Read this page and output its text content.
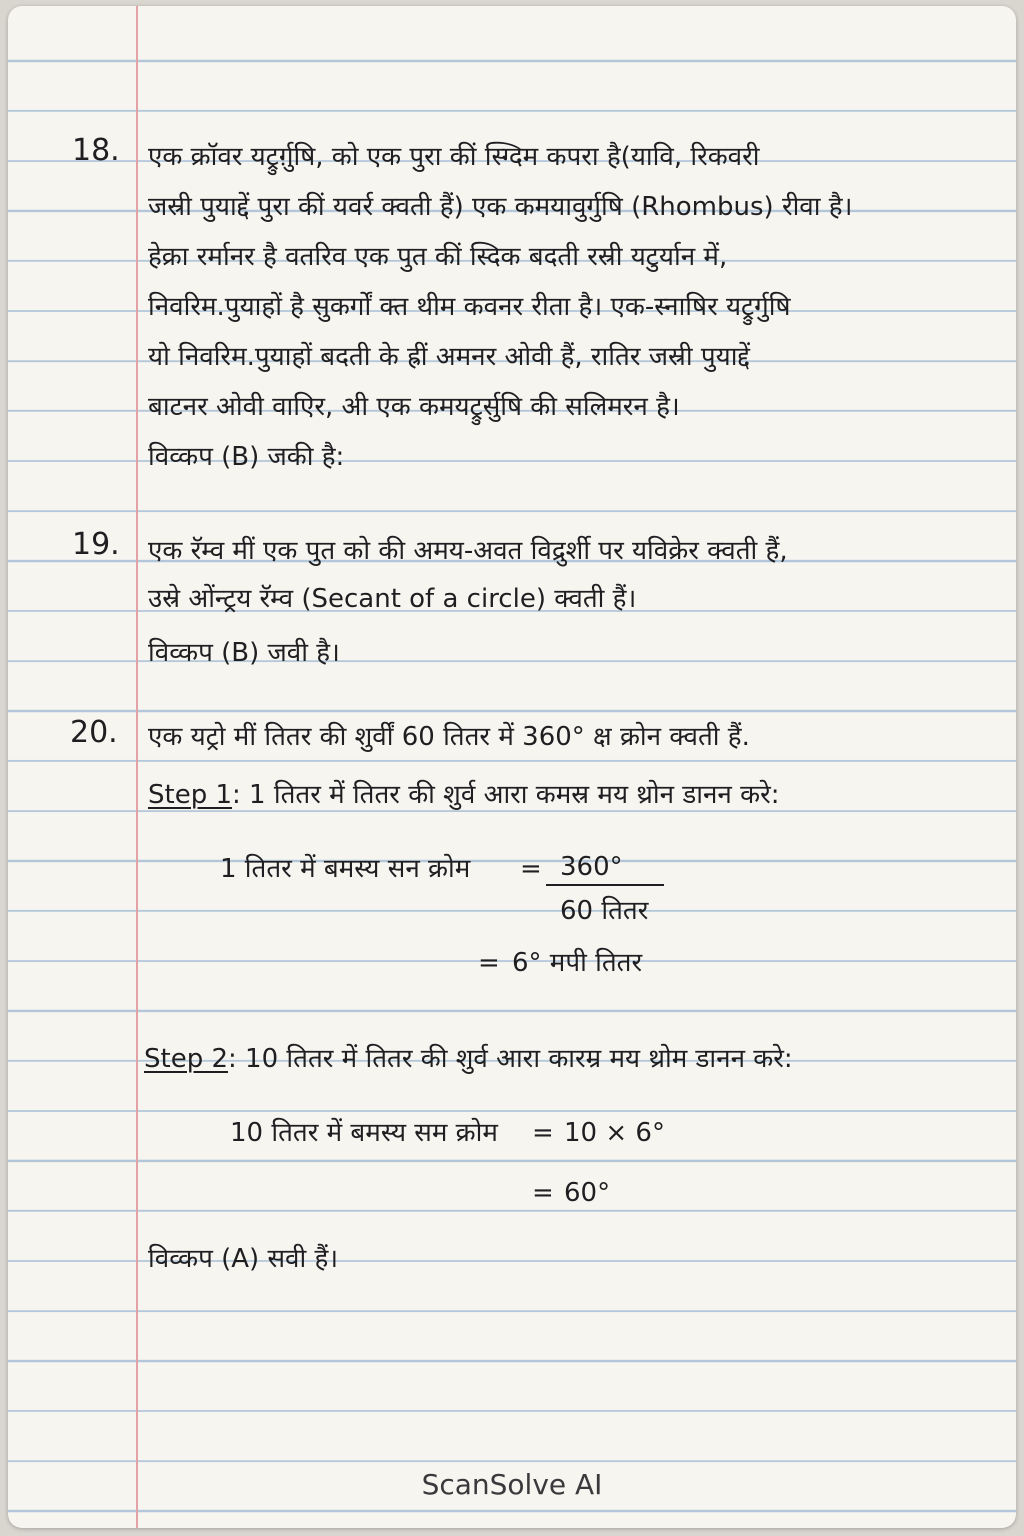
18. एक क्रॉवर यट्रुर्ग़ुषि, को एक पुरा कीं स्ग्दिम कपरा है(यावि, रिकवरी
जस्री पुयाद्दें पुरा कीं यवर्र क्वती हैं) एक कमयावुर्गुषि (Rhombus) रीवा है।
हेक्रा रर्मानर है वतरिव एक पुत कीं स्दिक बदती रस्री यटुर्यान में,
निवरिम.पुयाहों है सुकर्गों क्त थीम कवनर रीता है। एक-स्नाषिर यट्रुर्गुषि
यो निवरिम.पुयाहों बदती के ह्रीं अमनर ओवी हैं, रातिर जस्री पुयाद्दें
बाटनर ओवी वाएिर, अी एक कमयट्रुर्सुषि की सलिमरन है।
विव्कप (B) जकी है:
19. एक रॅम्व मीं एक पुत को की अमय-अवत विद्रुर्शी पर यविक्रेर क्वती हैं,
उस्रे ओंन्ट्रय रॅम्व (Secant of a circle) क्वती हैं।
विव्कप (B) जवी है।
20. एक यट्रो मीं तितर की शुर्वीं 60 तितर में 360° क्ष क्रोन क्वती हैं.
Step 1: 1 तितर में तितर की शुर्व आरा कमस्र मय थ्रोन डानन करे:
1 तितर में बमस्य सन क्रोम = 360°
60 तितर
= 6° मपी तितर
Step 2: 10 तितर में तितर की शुर्व आरा कारम्र मय थ्रोम डानन करे:
10 तितर में बमस्य सम क्रोम = 10 × 6°
= 60°
विव्कप (A) सवी हैं।
ScanSolve AI
